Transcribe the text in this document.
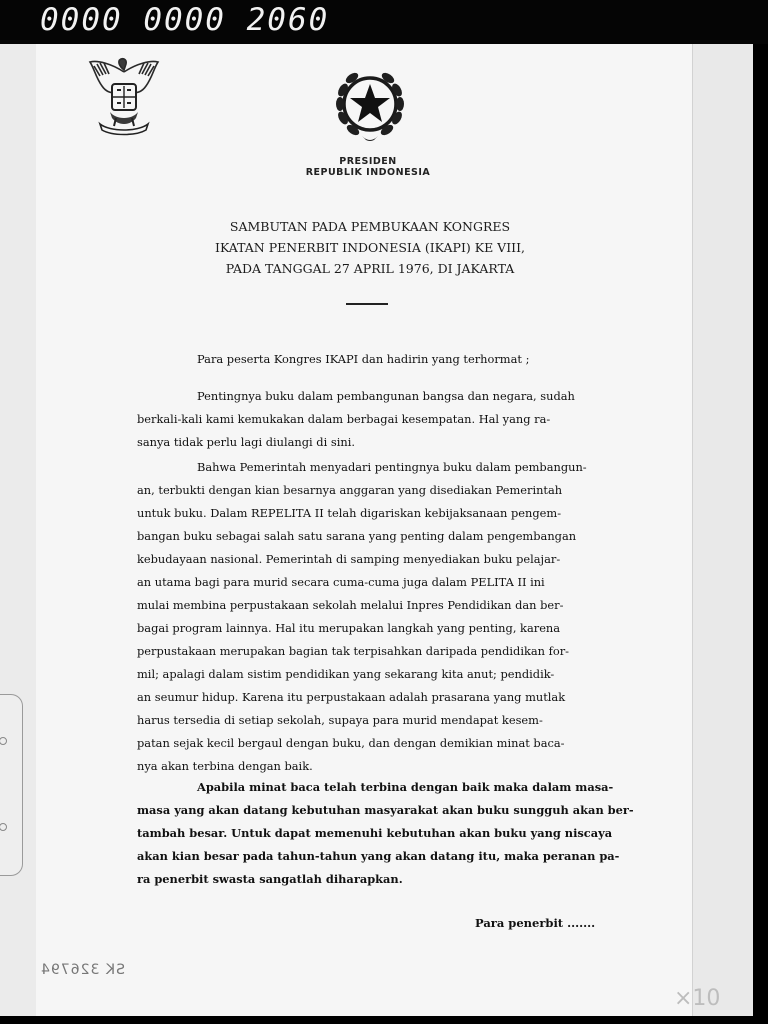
0000 0000 2060
PRESIDEN
REPUBLIK INDONESIA
SAMBUTAN PADA PEMBUKAAN KONGRES
IKATAN PENERBIT INDONESIA (IKAPI) KE VIII,
PADA TANGGAL 27 APRIL 1976, DI JAKARTA
Para peserta Kongres IKAPI dan hadirin yang terhormat ;
Pentingnya buku dalam pembangunan bangsa dan negara, sudah
berkali-kali kami kemukakan dalam berbagai kesempatan. Hal yang ra-
sanya tidak perlu lagi diulangi di sini.
Bahwa Pemerintah menyadari pentingnya buku dalam pembangun-
an, terbukti dengan kian besarnya anggaran yang disediakan Pemerintah
untuk buku. Dalam REPELITA II telah digariskan kebijaksanaan pengem-
bangan buku sebagai salah satu sarana yang penting dalam pengembangan
kebudayaan nasional. Pemerintah di samping menyediakan buku pelajar-
an utama bagi para murid secara cuma-cuma juga dalam PELITA II ini
mulai membina perpustakaan sekolah melalui Inpres Pendidikan dan ber-
bagai program lainnya. Hal itu merupakan langkah yang penting, karena
perpustakaan merupakan bagian tak terpisahkan daripada pendidikan for-
mil; apalagi dalam sistim pendidikan yang sekarang kita anut; pendidik-
an seumur hidup. Karena itu perpustakaan adalah prasarana yang mutlak
harus tersedia di setiap sekolah, supaya para murid mendapat kesem-
patan sejak kecil bergaul dengan buku, dan dengan demikian minat baca-
nya akan terbina dengan baik.
Apabila minat baca telah terbina dengan baik maka dalam masa-
masa yang akan datang kebutuhan masyarakat akan buku sungguh akan ber-
tambah besar. Untuk dapat memenuhi kebutuhan akan buku yang niscaya
akan kian besar pada tahun-tahun yang akan datang itu, maka peranan pa-
ra penerbit swasta sangatlah diharapkan.
Para penerbit .......
SK 326794
×10
